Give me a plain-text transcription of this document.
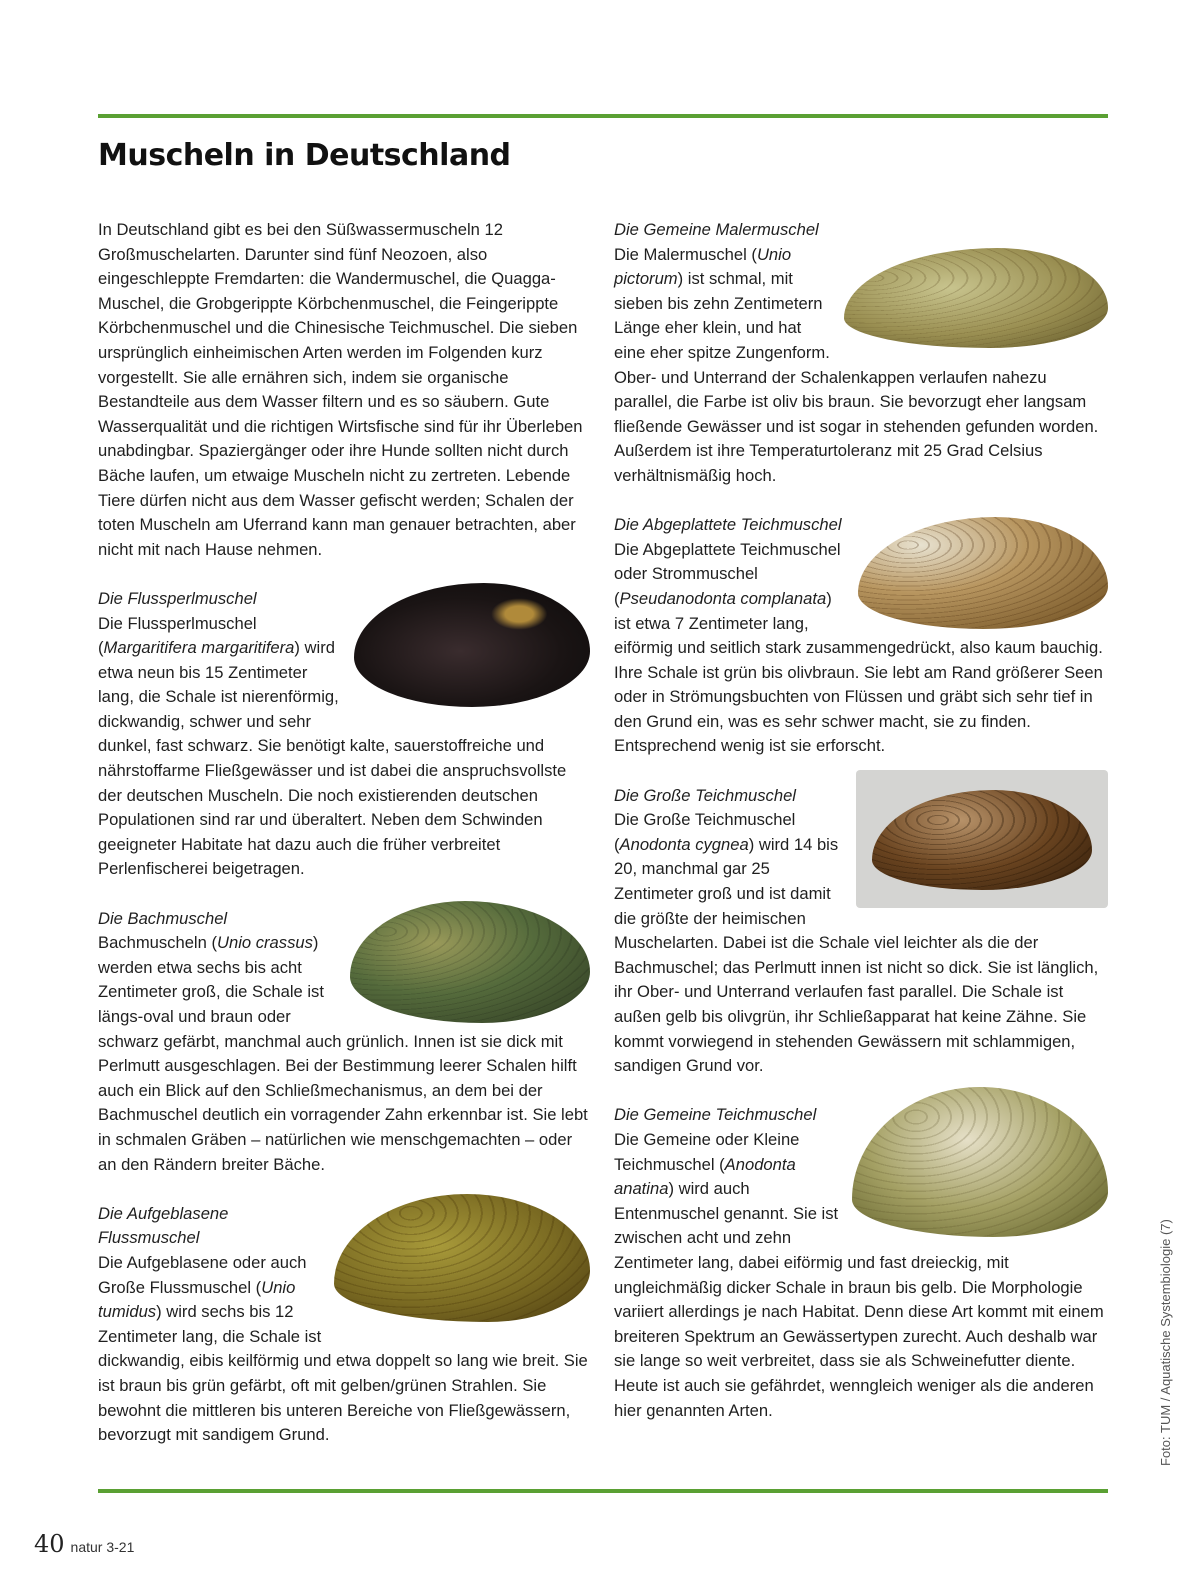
Muscheln in Deutschland

In Deutschland gibt es bei den Süßwassermuscheln 12 Großmuschelarten. Darunter sind fünf Neozoen, also eingeschleppte Fremdarten: die Wandermuschel, die Quagga-Muschel, die Grobgerippte Körbchenmuschel, die Feingerippte Körbchenmuschel und die Chinesische Teichmuschel. Die sieben ursprünglich einheimischen Arten werden im Folgenden kurz vorgestellt. Sie alle ernähren sich, indem sie organische Bestandteile aus dem Wasser filtern und es so säubern. Gute Wasserqualität und die richtigen Wirtsfische sind für ihr Überleben unabdingbar. Spaziergänger oder ihre Hunde sollten nicht durch Bäche laufen, um etwaige Muscheln nicht zu zertreten. Lebende Tiere dürfen nicht aus dem Wasser gefischt werden; Schalen der toten Muscheln am Uferrand kann man genauer betrachten, aber nicht mit nach Hause nehmen.

Die Flussperlmuschel

Die Flussperlmuschel (Margaritifera margaritifera) wird etwa neun bis 15 Zentimeter lang, die Schale ist nierenförmig, dickwandig, schwer und sehr dunkel, fast schwarz. Sie benötigt kalte, sauerstoffreiche und nährstoffarme Fließgewässer und ist dabei die anspruchsvollste der deutschen Muscheln. Die noch existierenden deutschen Populationen sind rar und überaltert. Neben dem Schwinden geeigneter Habitate hat dazu auch die früher verbreitet Perlenfischerei beigetragen.

Die Bachmuschel

Bachmuscheln (Unio crassus) werden etwa sechs bis acht Zentimeter groß, die Schale ist längs-oval und braun oder schwarz gefärbt, manchmal auch grünlich. Innen ist sie dick mit Perlmutt ausgeschlagen. Bei der Bestimmung leerer Schalen hilft auch ein Blick auf den Schließmechanismus, an dem bei der Bachmuschel deutlich ein vorragender Zahn erkennbar ist. Sie lebt in schmalen Gräben – natürlichen wie menschgemachten – oder an den Rändern breiter Bäche.

Die Aufgeblasene Flussmuschel

Die Aufgeblasene oder auch Große Flussmuschel (Unio tumidus) wird sechs bis 12 Zentimeter lang, die Schale ist dickwandig, eibis keilförmig und etwa doppelt so lang wie breit. Sie ist braun bis grün gefärbt, oft mit gelben/grünen Strahlen. Sie bewohnt die mittleren bis unteren Bereiche von Fließgewässern, bevorzugt mit sandigem Grund.

Die Gemeine Malermuschel

Die Malermuschel (Unio pictorum) ist schmal, mit sieben bis zehn Zentimetern Länge eher klein, und hat eine eher spitze Zungenform. Ober- und Unterrand der Schalenkappen verlaufen nahezu parallel, die Farbe ist oliv bis braun. Sie bevorzugt eher langsam fließende Gewässer und ist sogar in stehenden gefunden worden. Außerdem ist ihre Temperaturtoleranz mit 25 Grad Celsius verhältnismäßig hoch.

Die Abgeplattete Teichmuschel

Die Abgeplattete Teichmuschel oder Strommuschel (Pseudanodonta complanata) ist etwa 7 Zentimeter lang, eiförmig und seitlich stark zusammengedrückt, also kaum bauchig. Ihre Schale ist grün bis olivbraun. Sie lebt am Rand größerer Seen oder in Strömungsbuchten von Flüssen und gräbt sich sehr tief in den Grund ein, was es sehr schwer macht, sie zu finden. Entsprechend wenig ist sie erforscht.

Die Große Teichmuschel

Die Große Teichmuschel (Anodonta cygnea) wird 14 bis 20, manchmal gar 25 Zentimeter groß und ist damit die größte der heimischen Muschelarten. Dabei ist die Schale viel leichter als die der Bachmuschel; das Perlmutt innen ist nicht so dick. Sie ist länglich, ihr Ober- und Unterrand verlaufen fast parallel. Die Schale ist außen gelb bis olivgrün, ihr Schließapparat hat keine Zähne. Sie kommt vorwiegend in stehenden Gewässern mit schlammigen, sandigen Grund vor.

Die Gemeine Teichmuschel

Die Gemeine oder Kleine Teichmuschel (Anodonta anatina) wird auch Entenmuschel genannt. Sie ist zwischen acht und zehn Zentimeter lang, dabei eiförmig und fast dreieckig, mit ungleichmäßig dicker Schale in braun bis gelb. Die Morphologie variiert allerdings je nach Habitat. Denn diese Art kommt mit einem breiteren Spektrum an Gewässertypen zurecht. Auch deshalb war sie lange so weit verbreitet, dass sie als Schweinefutter diente. Heute ist auch sie gefährdet, wenngleich weniger als die anderen hier genannten Arten.	Foto: TUM / Aquatische Systembiologie (7)
40 natur 3-21
